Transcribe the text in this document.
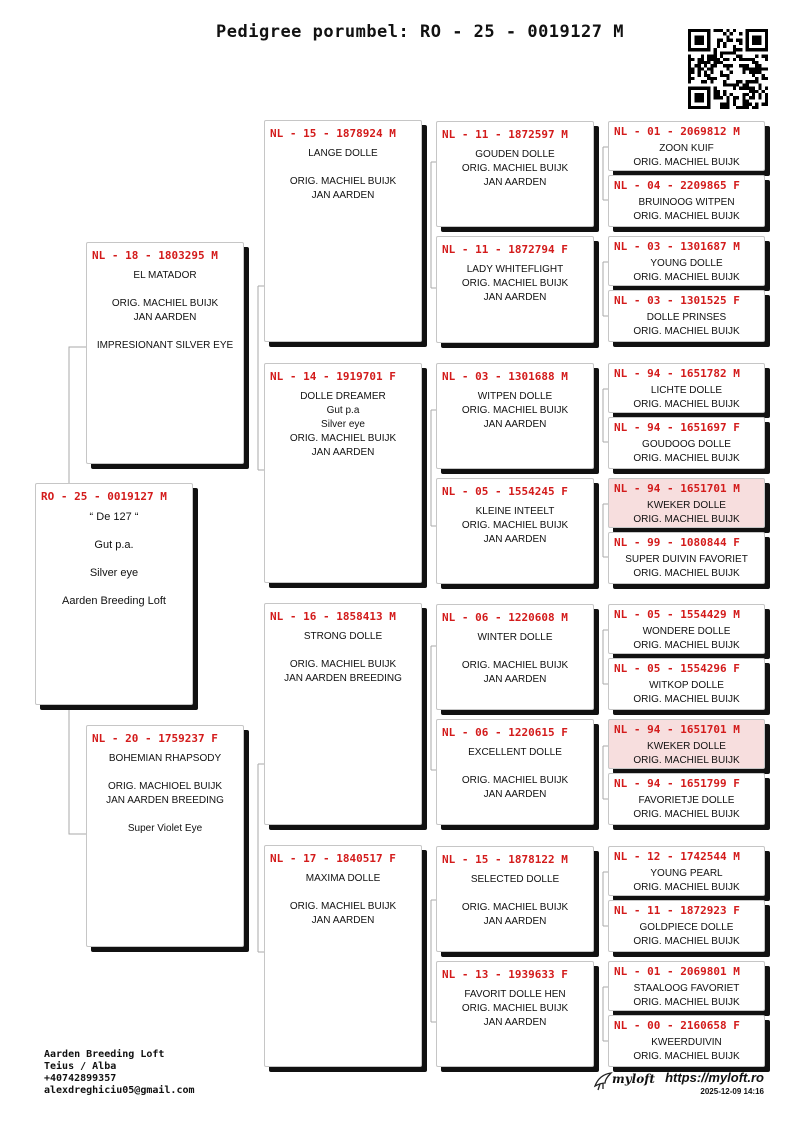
Pedigree porumbel: RO - 25 - 0019127 M
RO - 25 - 0019127 M
“ De 127 “

Gut p.a.

Silver eye

Aarden Breeding Loft
NL - 18 - 1803295 M
EL MATADOR

ORIG. MACHIEL BUIJK
JAN AARDEN

IMPRESIONANT SILVER EYE
NL - 20 - 1759237 F
BOHEMIAN RHAPSODY

ORIG. MACHIOEL BUIJK
JAN AARDEN BREEDING

Super Violet Eye
NL - 15 - 1878924 M
LANGE DOLLE

ORIG. MACHIEL BUIJK
JAN AARDEN
NL - 14 - 1919701 F
DOLLE DREAMER
Gut p.a
Silver eye
ORIG. MACHIEL BUIJK
JAN AARDEN
NL - 16 - 1858413 M
STRONG DOLLE

ORIG. MACHIEL BUIJK
JAN AARDEN BREEDING
NL - 17 - 1840517 F
MAXIMA DOLLE

ORIG. MACHIEL BUIJK
JAN AARDEN
NL - 11 - 1872597 M
GOUDEN DOLLE
ORIG. MACHIEL BUIJK
JAN AARDEN
NL - 11 - 1872794 F
LADY WHITEFLIGHT
ORIG. MACHIEL BUIJK
JAN AARDEN
NL - 03 - 1301688 M
WITPEN DOLLE
ORIG. MACHIEL BUIJK
JAN AARDEN
NL - 05 - 1554245 F
KLEINE INTEELT
ORIG. MACHIEL BUIJK
JAN AARDEN
NL - 06 - 1220608 M
WINTER DOLLE

ORIG. MACHIEL BUIJK
JAN AARDEN
NL - 06 - 1220615 F
EXCELLENT DOLLE

ORIG. MACHIEL BUIJK
JAN AARDEN
NL - 15 - 1878122 M
SELECTED DOLLE

ORIG. MACHIEL BUIJK
JAN AARDEN
NL - 13 - 1939633 F
FAVORIT DOLLE HEN
ORIG. MACHIEL BUIJK
JAN AARDEN
NL - 01 - 2069812 M
ZOON KUIF
ORIG. MACHIEL BUIJK
NL - 04 - 2209865 F
BRUINOOG WITPEN
ORIG. MACHIEL BUIJK
NL - 03 - 1301687 M
YOUNG DOLLE
ORIG. MACHIEL BUIJK
NL - 03 - 1301525 F
DOLLE PRINSES
ORIG. MACHIEL BUIJK
NL - 94 - 1651782 M
LICHTE DOLLE
ORIG. MACHIEL BUIJK
NL - 94 - 1651697 F
GOUDOOG DOLLE
ORIG. MACHIEL BUIJK
NL - 94 - 1651701 M
KWEKER DOLLE
ORIG. MACHIEL BUIJK
NL - 99 - 1080844 F
SUPER DUIVIN FAVORIET
ORIG. MACHIEL BUIJK
NL - 05 - 1554429 M
WONDERE DOLLE
ORIG. MACHIEL BUIJK
NL - 05 - 1554296 F
WITKOP DOLLE
ORIG. MACHIEL BUIJK
NL - 94 - 1651701 M
KWEKER DOLLE
ORIG. MACHIEL BUIJK
NL - 94 - 1651799 F
FAVORIETJE DOLLE
ORIG. MACHIEL BUIJK
NL - 12 - 1742544 M
YOUNG PEARL
ORIG. MACHIEL BUIJK
NL - 11 - 1872923 F
GOLDPIECE DOLLE
ORIG. MACHIEL BUIJK
NL - 01 - 2069801 M
STAALOOG FAVORIET
ORIG. MACHIEL BUIJK
NL - 00 - 2160658 F
KWEERDUIVIN
ORIG. MACHIEL BUIJK
Aarden Breeding Loft
Teius / Alba
+40742899357
alexdreghiciu05@gmail.com
myloft https://myloft.ro
2025-12-09 14:16
